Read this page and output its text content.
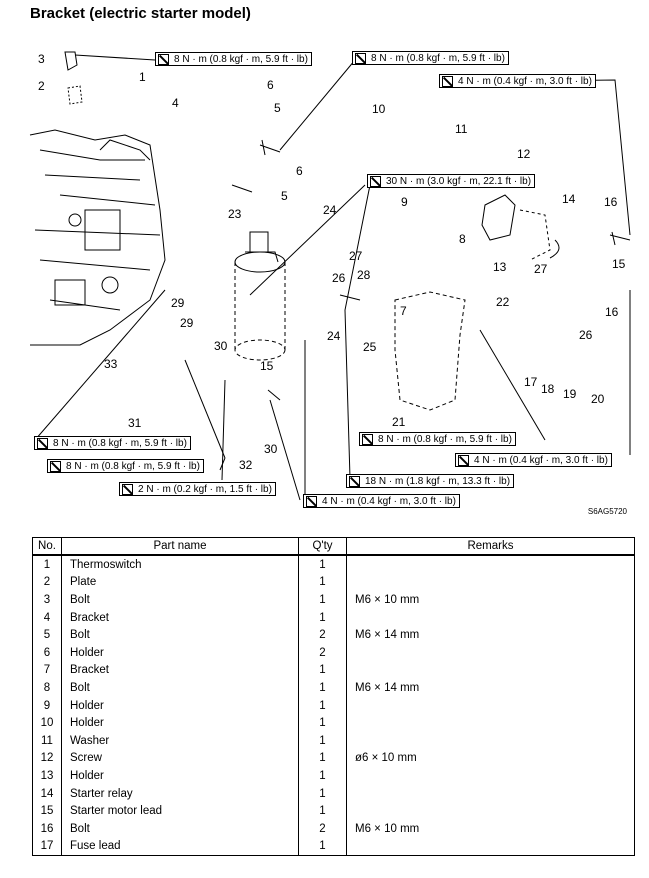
Bracket (electric starter model)
8 N · m (0.8 kgf · m, 5.9 ft · lb)	8 N · m (0.8 kgf · m, 5.9 ft · lb)
4 N · m (0.4 kgf · m, 3.0 ft · lb)
30 N · m (3.0 kgf · m, 22.1 ft · lb)
8 N · m (0.8 kgf · m, 5.9 ft · lb)
8 N · m (0.8 kgf · m, 5.9 ft · lb)
8 N · m (0.8 kgf · m, 5.9 ft · lb)
4 N · m (0.4 kgf · m, 3.0 ft · lb)
2 N · m (0.2 kgf · m, 1.5 ft · lb)
18 N · m (1.8 kgf · m, 13.3 ft · lb)
4 N · m (0.4 kgf · m, 3.0 ft · lb)
3
1
2
4
6
5	10
11
12
6
5
24
9	14 16
23
8
27
13 27	15
26 28
29
29
22
7	16
26
30
24
25
15
33
17 18 19 20
21
31
30
32
S6AG5720
No.	Part name	Q'ty	Remarks
1	Thermoswitch	1	
2	Plate	1	
3	Bolt	1	M6 × 10 mm
4	Bracket	1	
5	Bolt	2	M6 × 14 mm
6	Holder	2	
7	Bracket	1	
8	Bolt	1	M6 × 14 mm
9	Holder	1	
10	Holder	1	
11	Washer	1	
12	Screw	1	ø6 × 10 mm
13	Holder	1	
14	Starter relay	1	
15	Starter motor lead	1	
16	Bolt	2	M6 × 10 mm
17	Fuse lead	1	
